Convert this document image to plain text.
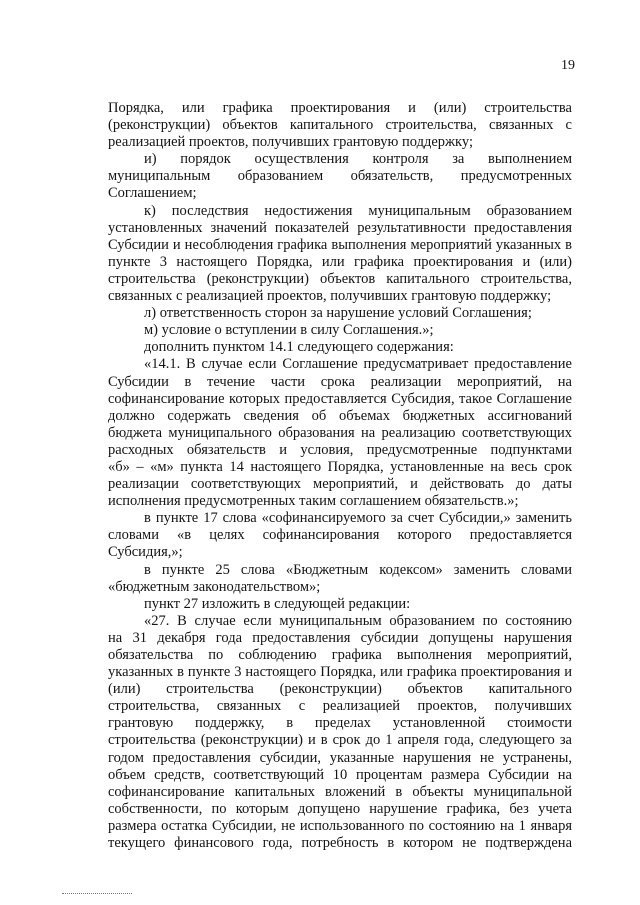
19

Порядка, или графика проектирования и (или) строительства

(реконструкции) объектов капитального строительства, связанных с

реализацией проектов, получивших грантовую поддержку;

и) порядок осуществления контроля за выполнением

муниципальным образованием обязательств, предусмотренных

Соглашением;

к) последствия недостижения муниципальным образованием

установленных значений показателей результативности предоставления

Субсидии и несоблюдения графика выполнения мероприятий указанных в

пункте 3 настоящего Порядка, или графика проектирования и (или)

строительства (реконструкции) объектов капитального строительства,

связанных с реализацией проектов, получивших грантовую поддержку;

л) ответственность сторон за нарушение условий Соглашения;

м) условие о вступлении в силу Соглашения.»;

дополнить пунктом 14.1 следующего содержания:

«14.1. В случае если Соглашение предусматривает предоставление

Субсидии в течение части срока реализации мероприятий, на

софинансирование которых предоставляется Субсидия, такое Соглашение

должно содержать сведения об объемах бюджетных ассигнований

бюджета муниципального образования на реализацию соответствующих

расходных обязательств и условия, предусмотренные подпунктами

«б» – «м» пункта 14 настоящего Порядка, установленные на весь срок

реализации соответствующих мероприятий, и действовать до даты

исполнения предусмотренных таким соглашением обязательств.»;

в пункте 17 слова «софинансируемого за счет Субсидии,» заменить

словами «в целях софинансирования которого предоставляется

Субсидия,»;

в пункте 25 слова «Бюджетным кодексом» заменить словами

«бюджетным законодательством»;

пункт 27 изложить в следующей редакции:

«27. В случае если муниципальным образованием по состоянию

на 31 декабря года предоставления субсидии допущены нарушения

обязательства по соблюдению графика выполнения мероприятий,

указанных в пункте 3 настоящего Порядка, или графика проектирования и

(или) строительства (реконструкции) объектов капитального

строительства, связанных с реализацией проектов, получивших

грантовую поддержку, в пределах установленной стоимости

строительства (реконструкции) и в срок до 1 апреля года, следующего за

годом предоставления субсидии, указанные нарушения не устранены,

объем средств, соответствующий 10 процентам размера Субсидии на

софинансирование капитальных вложений в объекты муниципальной

собственности, по которым допущено нарушение графика, без учета

размера остатка Субсидии, не использованного по состоянию на 1 января

текущего финансового года, потребность в котором не подтверждена
